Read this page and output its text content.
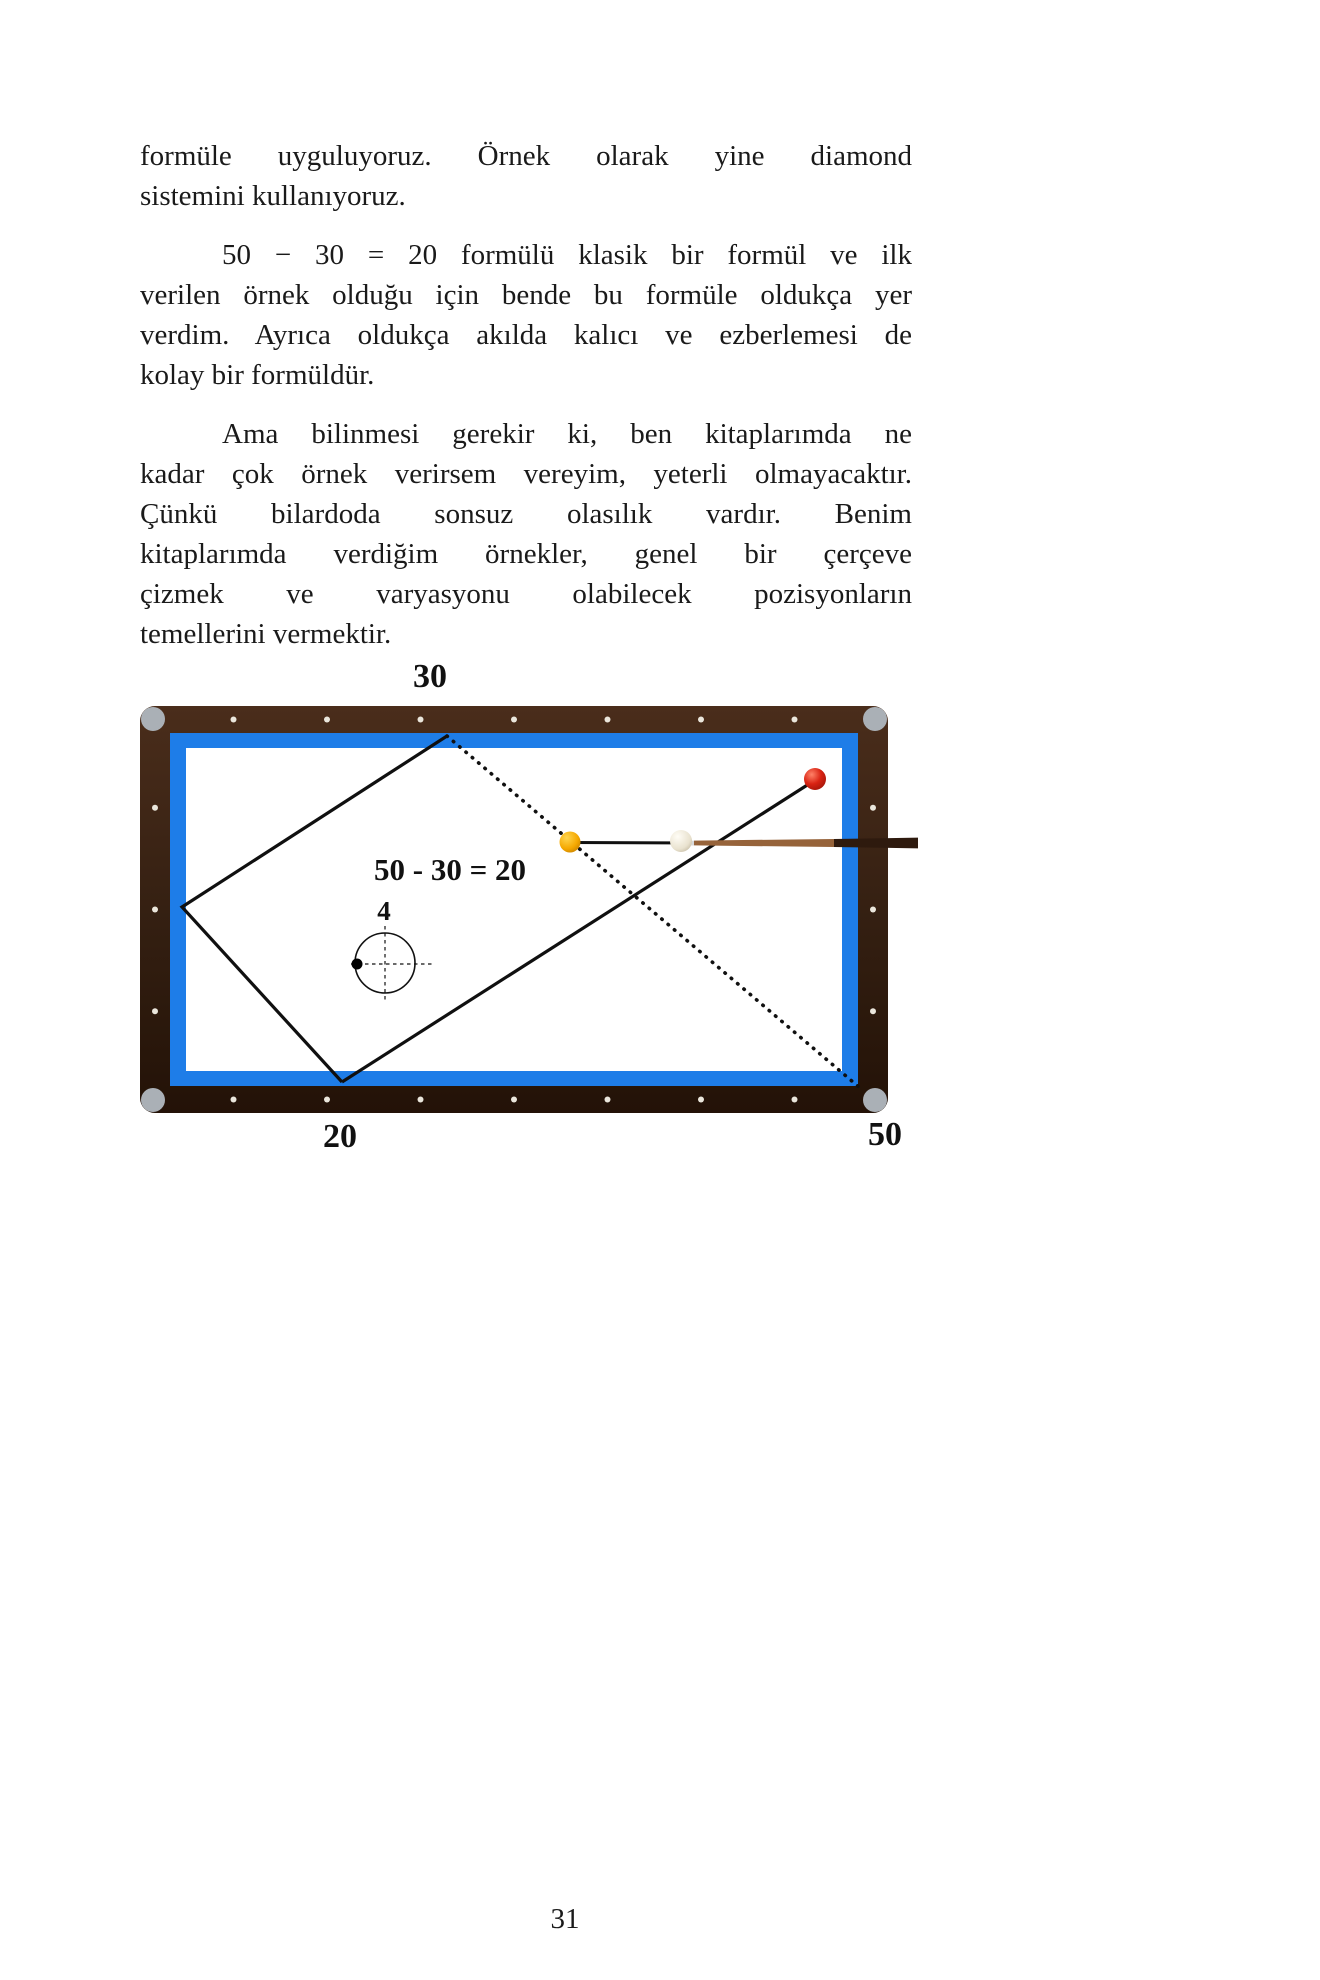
formüle uyguluyoruz. Örnek olarak yine diamond
sistemini kullanıyoruz.

50 − 30 = 20 formülü klasik bir formül ve ilk
verilen örnek olduğu için bende bu formüle oldukça yer
verdim. Ayrıca oldukça akılda kalıcı ve ezberlemesi de
kolay bir formüldür.

Ama bilinmesi gerekir ki, ben kitaplarımda ne
kadar çok örnek verirsem vereyim, yeterli olmayacaktır.
Çünkü bilardoda sonsuz olasılık vardır. Benim
kitaplarımda verdiğim örnekler, genel bir çerçeve
çizmek ve varyasyonu olabilecek pozisyonların
temellerini vermektir.

30
50 - 30 = 20
4
20	50
31
